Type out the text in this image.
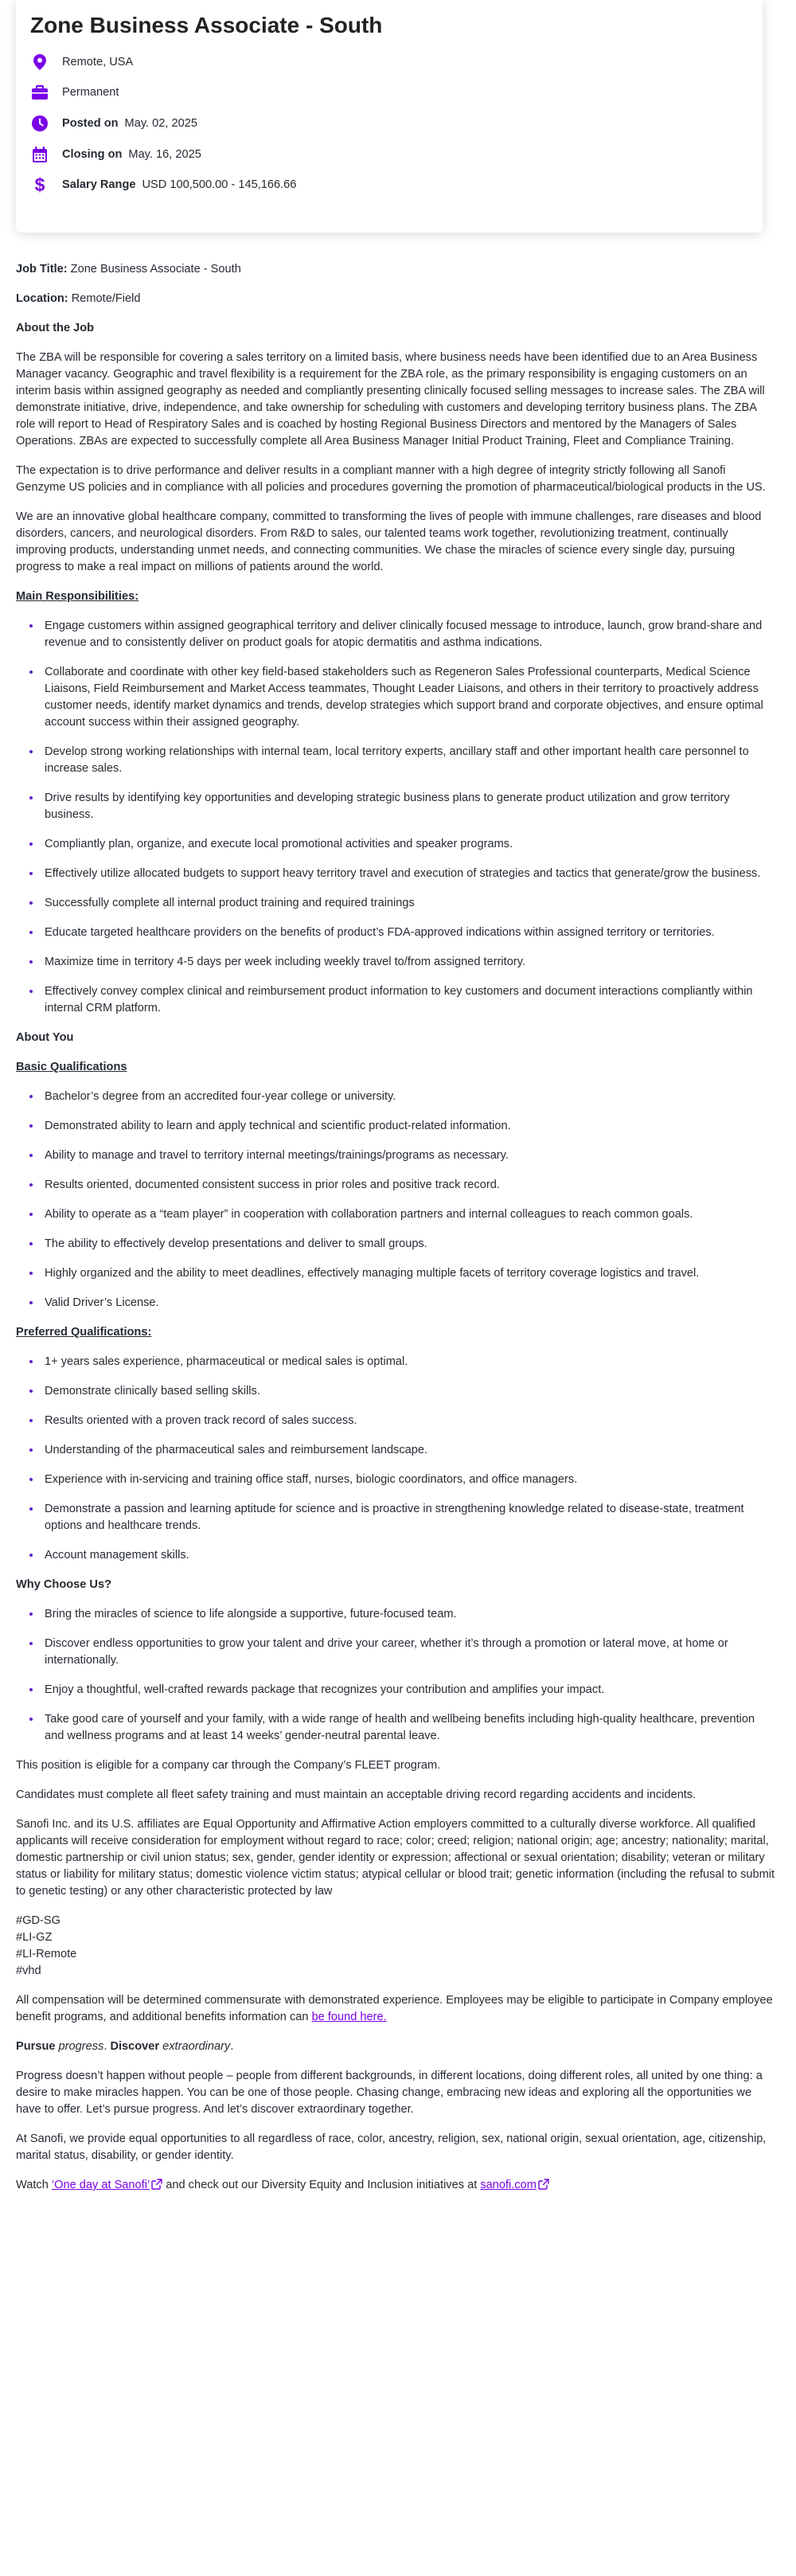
Zone Business Associate - South
Remote, USA
Permanent
Posted on May. 02, 2025
Closing on May. 16, 2025
$ Salary Range USD 100,500.00 - 145,166.66

Job Title: Zone Business Associate - South

Location: Remote/Field

About the Job

The ZBA will be responsible for covering a sales territory on a limited basis, where business needs have been identified due to an Area Business Manager vacancy. Geographic and travel flexibility is a requirement for the ZBA role, as the primary responsibility is engaging customers on an interim basis within assigned geography as needed and compliantly presenting clinically focused selling messages to increase sales. The ZBA will demonstrate initiative, drive, independence, and take ownership for scheduling with customers and developing territory business plans. The ZBA role will report to Head of Respiratory Sales and is coached by hosting Regional Business Directors and mentored by the Managers of Sales Operations. ZBAs are expected to successfully complete all Area Business Manager Initial Product Training, Fleet and Compliance Training.

The expectation is to drive performance and deliver results in a compliant manner with a high degree of integrity strictly following all Sanofi Genzyme US policies and in compliance with all policies and procedures governing the promotion of pharmaceutical/biological products in the US.

We are an innovative global healthcare company, committed to transforming the lives of people with immune challenges, rare diseases and blood disorders, cancers, and neurological disorders. From R&D to sales, our talented teams work together, revolutionizing treatment, continually improving products, understanding unmet needs, and connecting communities. We chase the miracles of science every single day, pursuing progress to make a real impact on millions of patients around the world.

Main Responsibilities:
• Engage customers within assigned geographical territory and deliver clinically focused message to introduce, launch, grow brand-share and revenue and to consistently deliver on product goals for atopic dermatitis and asthma indications.
• Collaborate and coordinate with other key field-based stakeholders such as Regeneron Sales Professional counterparts, Medical Science Liaisons, Field Reimbursement and Market Access teammates, Thought Leader Liaisons, and others in their territory to proactively address customer needs, identify market dynamics and trends, develop strategies which support brand and corporate objectives, and ensure optimal account success within their assigned geography.
• Develop strong working relationships with internal team, local territory experts, ancillary staff and other important health care personnel to increase sales.
• Drive results by identifying key opportunities and developing strategic business plans to generate product utilization and grow territory business.
• Compliantly plan, organize, and execute local promotional activities and speaker programs.
• Effectively utilize allocated budgets to support heavy territory travel and execution of strategies and tactics that generate/grow the business.
• Successfully complete all internal product training and required trainings
• Educate targeted healthcare providers on the benefits of product’s FDA-approved indications within assigned territory or territories.
• Maximize time in territory 4-5 days per week including weekly travel to/from assigned territory.
• Effectively convey complex clinical and reimbursement product information to key customers and document interactions compliantly within internal CRM platform.
About You
Basic Qualifications
• Bachelor’s degree from an accredited four-year college or university.
• Demonstrated ability to learn and apply technical and scientific product-related information.
• Ability to manage and travel to territory internal meetings/trainings/programs as necessary.
• Results oriented, documented consistent success in prior roles and positive track record.
• Ability to operate as a “team player” in cooperation with collaboration partners and internal colleagues to reach common goals.
• The ability to effectively develop presentations and deliver to small groups.
• Highly organized and the ability to meet deadlines, effectively managing multiple facets of territory coverage logistics and travel.
• Valid Driver’s License.
Preferred Qualifications:
• 1+ years sales experience, pharmaceutical or medical sales is optimal.
• Demonstrate clinically based selling skills.
• Results oriented with a proven track record of sales success.
• Understanding of the pharmaceutical sales and reimbursement landscape.
• Experience with in-servicing and training office staff, nurses, biologic coordinators, and office managers.
• Demonstrate a passion and learning aptitude for science and is proactive in strengthening knowledge related to disease-state, treatment options and healthcare trends.
• Account management skills.
Why Choose Us?
• Bring the miracles of science to life alongside a supportive, future-focused team.
• Discover endless opportunities to grow your talent and drive your career, whether it’s through a promotion or lateral move, at home or internationally.
• Enjoy a thoughtful, well-crafted rewards package that recognizes your contribution and amplifies your impact.
• Take good care of yourself and your family, with a wide range of health and wellbeing benefits including high-quality healthcare, prevention and wellness programs and at least 14 weeks’ gender-neutral parental leave.

This position is eligible for a company car through the Company’s FLEET program.

Candidates must complete all fleet safety training and must maintain an acceptable driving record regarding accidents and incidents.

Sanofi Inc. and its U.S. affiliates are Equal Opportunity and Affirmative Action employers committed to a culturally diverse workforce. All qualified applicants will receive consideration for employment without regard to race; color; creed; religion; national origin; age; ancestry; nationality; marital, domestic partnership or civil union status; sex, gender, gender identity or expression; affectional or sexual orientation; disability; veteran or military status or liability for military status; domestic violence victim status; atypical cellular or blood trait; genetic information (including the refusal to submit to genetic testing) or any other characteristic protected by law

#GD-SG

#LI-GZ

#LI-Remote

#vhd

All compensation will be determined commensurate with demonstrated experience. Employees may be eligible to participate in Company employee benefit programs, and additional benefits information can be found here.

Pursue progress. Discover extraordinary.

Progress doesn’t happen without people – people from different backgrounds, in different locations, doing different roles, all united by one thing: a desire to make miracles happen. You can be one of those people. Chasing change, embracing new ideas and exploring all the opportunities we have to offer. Let’s pursue progress. And let’s discover extraordinary together.

At Sanofi, we provide equal opportunities to all regardless of race, color, ancestry, religion, sex, national origin, sexual orientation, age, citizenship, marital status, disability, or gender identity.

Watch ‘One day at Sanofi’ and check out our Diversity Equity and Inclusion initiatives at sanofi.com
